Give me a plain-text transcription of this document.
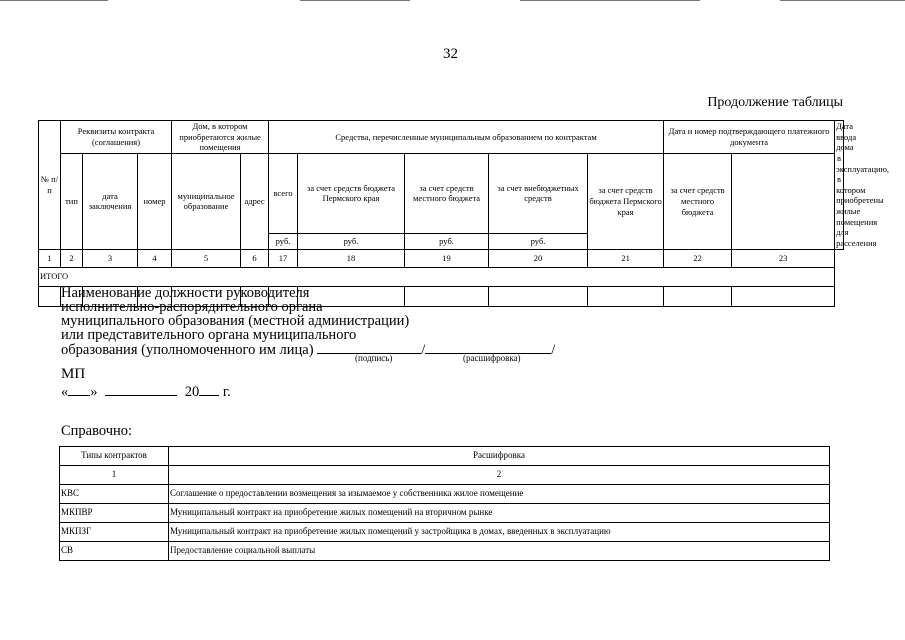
32
Продолжение таблицы
№ п/п	Реквизиты контракта (соглашения)			Дом, в котором приобретаются жилые помещения		Средства, перечисленные муниципальным образованием по контрактам					Дата и номер подтверждающего платежного документа		Дата ввода дома в эксплуатацию, в котором приобретены жилые помещения для расселения
	тип	дата заключения	номер	муниципальное образование	адрес	всего	за счет средств бюджета Пермского края	за счет средств местного бюджета	за счет внебюджетных средств	за счет средств бюджета Пермского края	за счет средств местного бюджета		
						руб.	руб.	руб.	руб.				
1	2	3	4	5	6	17	18	19	20	21	22	23	
ИТОГО													

Наименование должности руководителя
исполнительно-распорядительного органа
муниципального образования (местной администрации)
или представительного органа муниципального
образования (уполномоченного им лица)	/	/
(подпись)	(расшифровка)
МП
« »	20 г.
Справочно:
Типы контрактов	Расшифровка
1	2
КВС	Соглашение о предоставлении возмещения за изымаемое у собственника жилое помещение
МКПВР	Муниципальный контракт на приобретение жилых помещений на вторичном рынке
МКПЗГ	Муниципальный контракт на приобретение жилых помещений у застройщика в домах, введенных в эксплуатацию
СВ	Предоставление социальной выплаты
